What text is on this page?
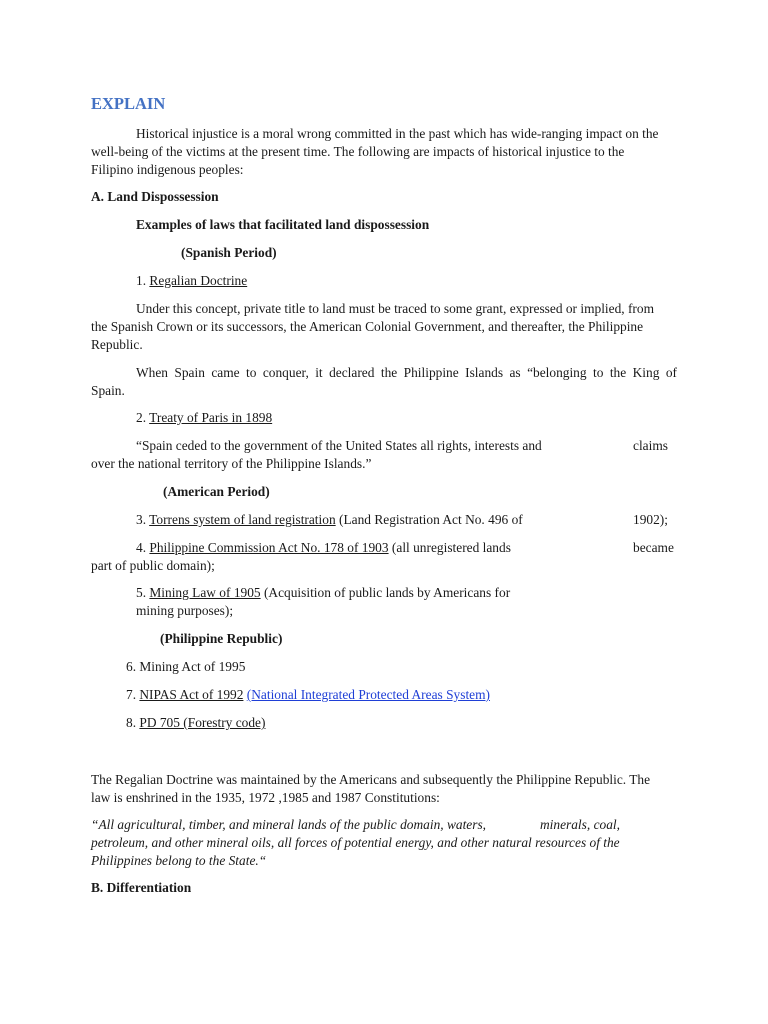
EXPLAIN
Historical injustice is a moral wrong committed in the past which has wide-ranging impact on the
well-being of the victims at the present time. The following are impacts of historical injustice to the
Filipino indigenous peoples:
A. Land Dispossession
Examples of laws that facilitated land dispossession
(Spanish Period)
1. Regalian Doctrine
Under this concept, private title to land must be traced to some grant, expressed or implied, from
the Spanish Crown or its successors, the American Colonial Government, and thereafter, the Philippine
Republic.
When Spain came to conquer, it declared the Philippine Islands as “belonging to the King of
Spain.
2. Treaty of Paris in 1898
“Spain ceded to the government of the United States all rights, interests and	claims
over the national territory of the Philippine Islands.”
(American Period)
3. Torrens system of land registration (Land Registration Act No. 496 of	1902);
4. Philippine Commission Act No. 178 of 1903 (all unregistered lands	became
part of public domain);
5. Mining Law of 1905 (Acquisition of public lands by Americans for
mining purposes);
(Philippine Republic)
6. Mining Act of 1995
7. NIPAS Act of 1992 (National Integrated Protected Areas System)
8. PD 705 (Forestry code)
The Regalian Doctrine was maintained by the Americans and subsequently the Philippine Republic. The
law is enshrined in the 1935, 1972 ,1985 and 1987 Constitutions:
“All agricultural, timber, and mineral lands of the public domain, waters,	minerals, coal,
petroleum, and other mineral oils, all forces of potential energy, and other natural resources of the
Philippines belong to the State.“
B. Differentiation
